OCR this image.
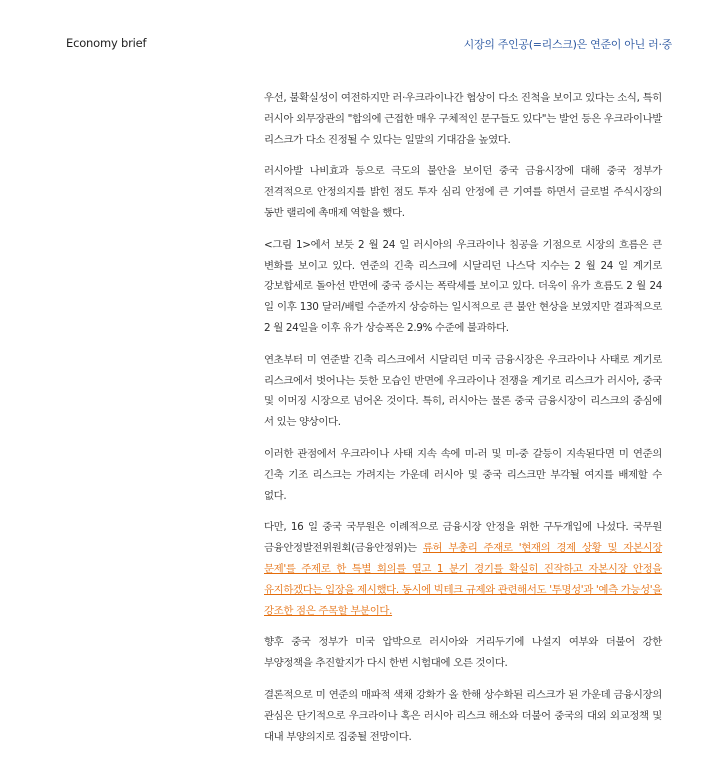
Economy brief	시장의 주인공(=리스크)은 연준이 아닌 러·중

우선, 불확실성이 여전하지만 러·우크라이나간 협상이 다소 진척을 보이고 있다는 소식, 특히 러시아 외무장관의 "합의에 근접한 매우 구체적인 문구들도 있다"는 발언 등은 우크라이나발 리스크가 다소 진정될 수 있다는 일말의 기대감을 높였다.

러시아발 나비효과 등으로 극도의 불안을 보이던 중국 금융시장에 대해 중국 정부가 전격적으로 안정의지를 밝힌 점도 투자 심리 안정에 큰 기여를 하면서 글로벌 주식시장의 동반 랠리에 촉매제 역할을 했다.

<그림 1>에서 보듯 2 월 24 일 러시아의 우크라이나 침공을 기점으로 시장의 흐름은 큰 변화를 보이고 있다. 연준의 긴축 리스크에 시달리던 나스닥 지수는 2 월 24 일 계기로 강보합세로 돌아선 반면에 중국 증시는 폭락세를 보이고 있다. 더욱이 유가 흐름도 2 월 24 일 이후 130 달러/배럴 수준까지 상승하는 일시적으로 큰 불안 현상을 보였지만 결과적으로 2 월 24일을 이후 유가 상승폭은 2.9% 수준에 불과하다.

연초부터 미 연준발 긴축 리스크에서 시달리던 미국 금융시장은 우크라이나 사태로 계기로 리스크에서 벗어나는 듯한 모습인 반면에 우크라이나 전쟁을 계기로 리스크가 러시아, 중국 및 이머징 시장으로 넘어온 것이다. 특히, 러시아는 물론 중국 금융시장이 리스크의 중심에 서 있는 양상이다.

이러한 관점에서 우크라이나 사태 지속 속에 미-러 및 미-중 갈등이 지속된다면 미 연준의 긴축 기조 리스크는 가려지는 가운데 러시아 및 중국 리스크만 부각될 여지를 배제할 수 없다.

다만, 16 일 중국 국무원은 이례적으로 금융시장 안정을 위한 구두개입에 나섰다. 국무원 금융안정발전위원회(금융안정위)는 류허 부총리 주재로 '현재의 경제 상황 및 자본시장 문제'를 주제로 한 특별 회의를 열고 1 분기 경기를 확실히 진작하고 자본시장 안정을 유지하겠다는 입장을 제시했다. 동시에 빅테크 규제와 관련해서도 '투명성'과 '예측 가능성'을 강조한 점은 주목할 부분이다.

향후 중국 정부가 미국 압박으로 러시아와 거리두기에 나설지 여부와 더불어 강한 부양정책을 추진할지가 다시 한번 시험대에 오른 것이다.

결론적으로 미 연준의 매파적 색채 강화가 올 한해 상수화된 리스크가 된 가운데 금융시장의 관심은 단기적으로 우크라이나 혹은 러시아 리스크 해소와 더불어 중국의 대외 외교정책 및 대내 부양의지로 집중될 전망이다.
